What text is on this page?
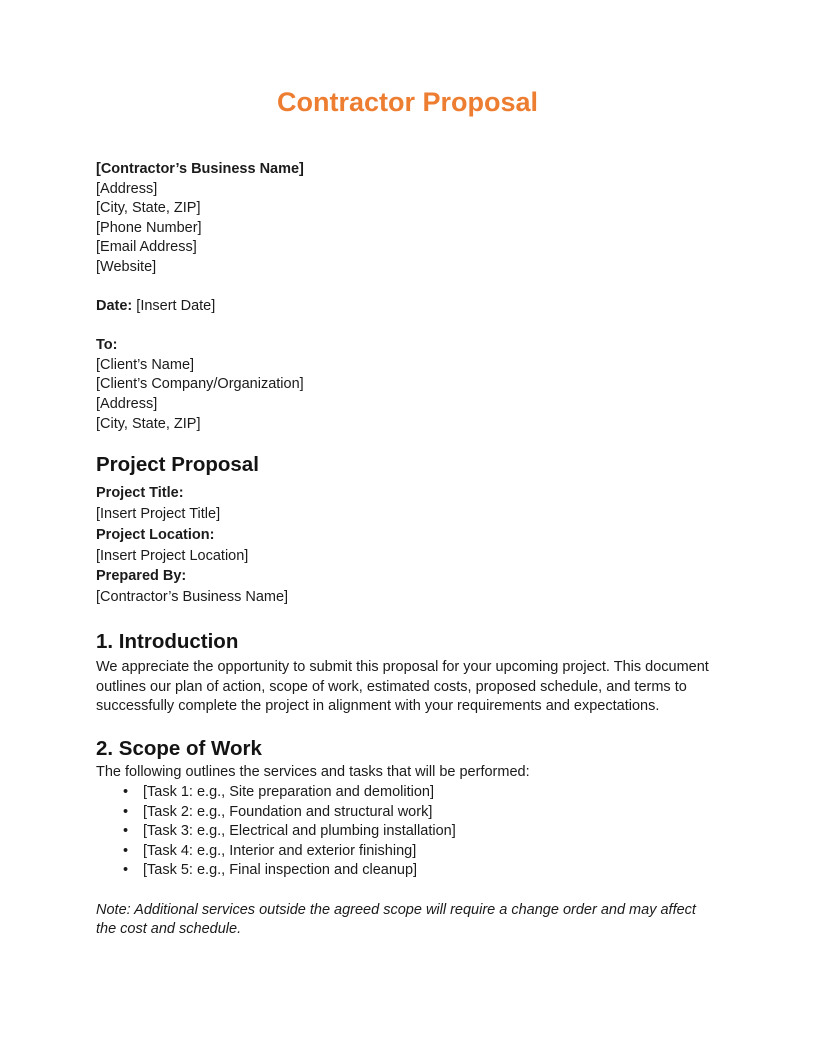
Contractor Proposal
[Contractor’s Business Name]
[Address]
[City, State, ZIP]
[Phone Number]
[Email Address]
[Website]
Date: [Insert Date]
To:
[Client’s Name]
[Client’s Company/Organization]
[Address]
[City, State, ZIP]
Project Proposal
Project Title:
[Insert Project Title]
Project Location:
[Insert Project Location]
Prepared By:
[Contractor’s Business Name]
1. Introduction

We appreciate the opportunity to submit this proposal for your upcoming project. This document outlines our plan of action, scope of work, estimated costs, proposed schedule, and terms to successfully complete the project in alignment with your requirements and expectations.

2. Scope of Work
The following outlines the services and tasks that will be performed:
• [Task 1: e.g., Site preparation and demolition]
• [Task 2: e.g., Foundation and structural work]
• [Task 3: e.g., Electrical and plumbing installation]
• [Task 4: e.g., Interior and exterior finishing]
• [Task 5: e.g., Final inspection and cleanup]

Note: Additional services outside the agreed scope will require a change order and may affect the cost and schedule.
